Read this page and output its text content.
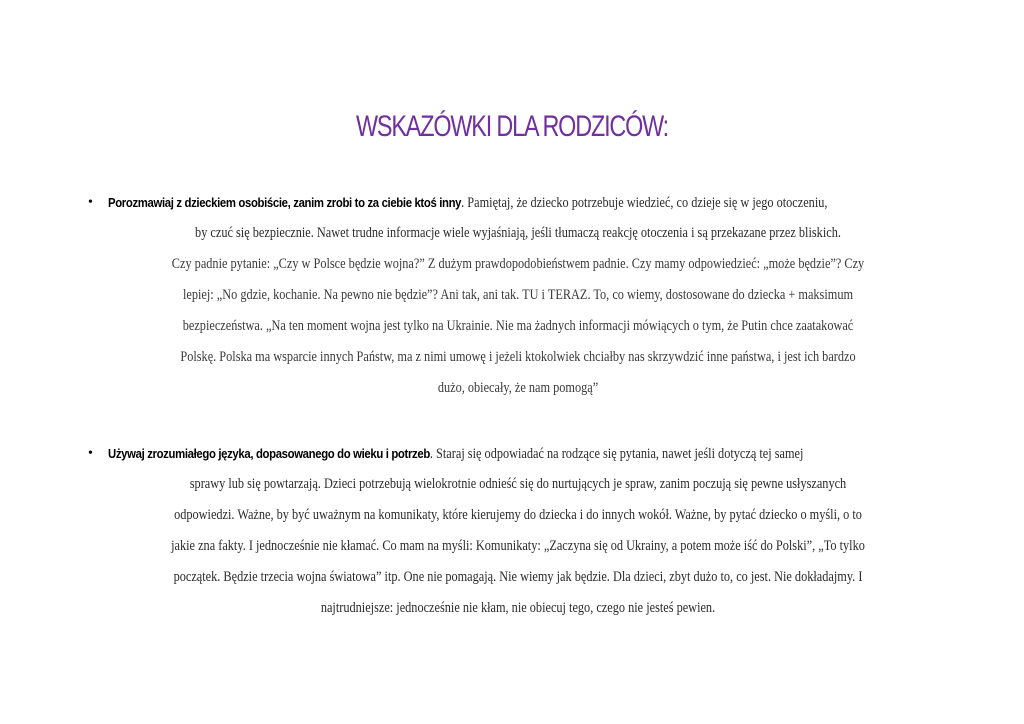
WSKAZÓWKI DLA RODZICÓW:
• Porozmawiaj z dzieckiem osobiście, zanim zrobi to za ciebie ktoś inny. Pamiętaj, że dziecko potrzebuje wiedzieć, co dzieje się w jego otoczeniu,
by czuć się bezpiecznie. Nawet trudne informacje wiele wyjaśniają, jeśli tłumaczą reakcję otoczenia i są przekazane przez bliskich.
Czy padnie pytanie: „Czy w Polsce będzie wojna?” Z dużym prawdopodobieństwem padnie. Czy mamy odpowiedzieć: „może będzie”? Czy
lepiej: „No gdzie, kochanie. Na pewno nie będzie”? Ani tak, ani tak. TU i TERAZ. To, co wiemy, dostosowane do dziecka + maksimum
bezpieczeństwa. „Na ten moment wojna jest tylko na Ukrainie. Nie ma żadnych informacji mówiących o tym, że Putin chce zaatakować
Polskę. Polska ma wsparcie innych Państw, ma z nimi umowę i jeżeli ktokolwiek chciałby nas skrzywdzić inne państwa, i jest ich bardzo
dużo, obiecały, że nam pomogą”
• Używaj zrozumiałego języka, dopasowanego do wieku i potrzeb. Staraj się odpowiadać na rodzące się pytania, nawet jeśli dotyczą tej samej
sprawy lub się powtarzają. Dzieci potrzebują wielokrotnie odnieść się do nurtujących je spraw, zanim poczują się pewne usłyszanych
odpowiedzi. Ważne, by być uważnym na komunikaty, które kierujemy do dziecka i do innych wokół. Ważne, by pytać dziecko o myśli, o to
jakie zna fakty. I jednocześnie nie kłamać. Co mam na myśli: Komunikaty: „Zaczyna się od Ukrainy, a potem może iść do Polski”, „To tylko
początek. Będzie trzecia wojna światowa” itp. One nie pomagają. Nie wiemy jak będzie. Dla dzieci, zbyt dużo to, co jest. Nie dokładajmy. I
najtrudniejsze: jednocześnie nie kłam, nie obiecuj tego, czego nie jesteś pewien.
